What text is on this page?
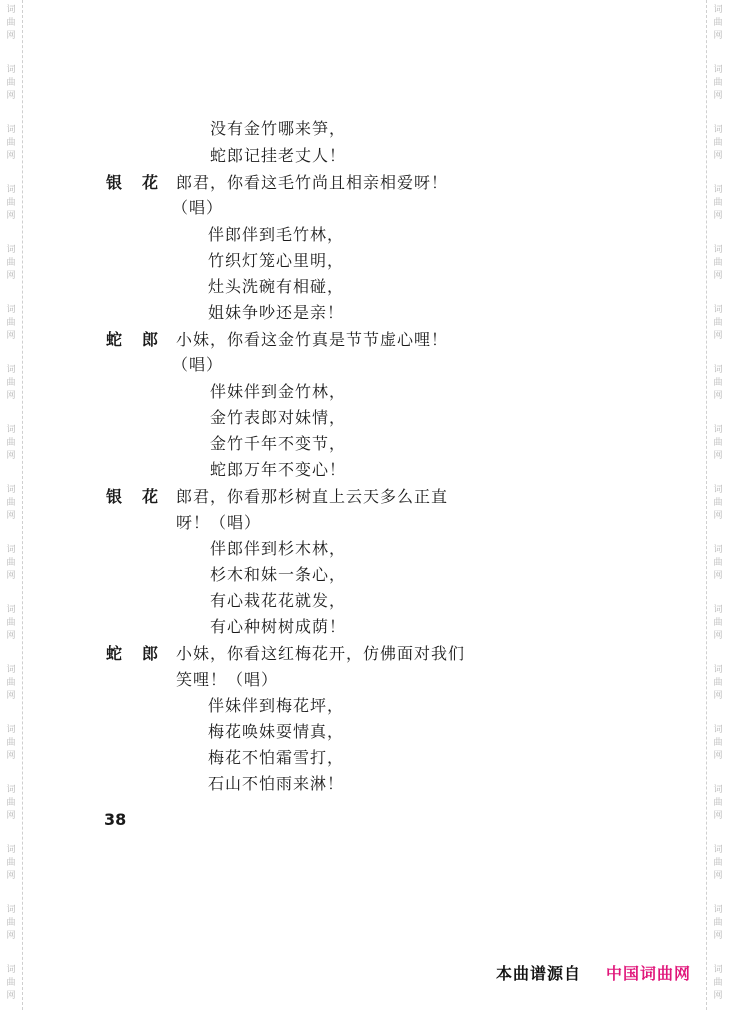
词
曲
网
词
曲
网
词
曲
网
词
曲
网
词
曲
网
词
曲
网
词
曲
网
词
曲
网
词
曲
网
词
曲
网
词
曲
网
词
曲
网
词
曲
网
词
曲
网
词
曲
网
词
曲
网
词
曲
网
词
曲
网
词
曲
网
词
曲
网
词
曲
网
词
曲
网
词
曲
网
词
曲
网
词
曲
网
词
曲
网
词
曲
网
词
曲
网
词
曲
网
词
曲
网
词
曲
网
词
曲
网
词
曲
网
词
曲
网
没有金竹哪来笋，
蛇郎记挂老丈人！
银花
郎君，你看这毛竹尚且相亲相爱呀！
（唱）
伴郎伴到毛竹林，
竹织灯笼心里明，
灶头洗碗有相碰，
姐妹争吵还是亲！
蛇郎
小妹，你看这金竹真是节节虚心哩！
（唱）
伴妹伴到金竹林，
金竹表郎对妹情，
金竹千年不变节，
蛇郎万年不变心！
银花
郎君，你看那杉树直上云天多么正直
呀！（唱）
伴郎伴到杉木林，
杉木和妹一条心，
有心栽花花就发，
有心种树树成荫！
蛇郎
小妹，你看这红梅花开，仿佛面对我们
笑哩！（唱）
伴妹伴到梅花坪，
梅花唤妹耍情真，
梅花不怕霜雪打，
石山不怕雨来淋！
38
本曲谱源自 中国词曲网
